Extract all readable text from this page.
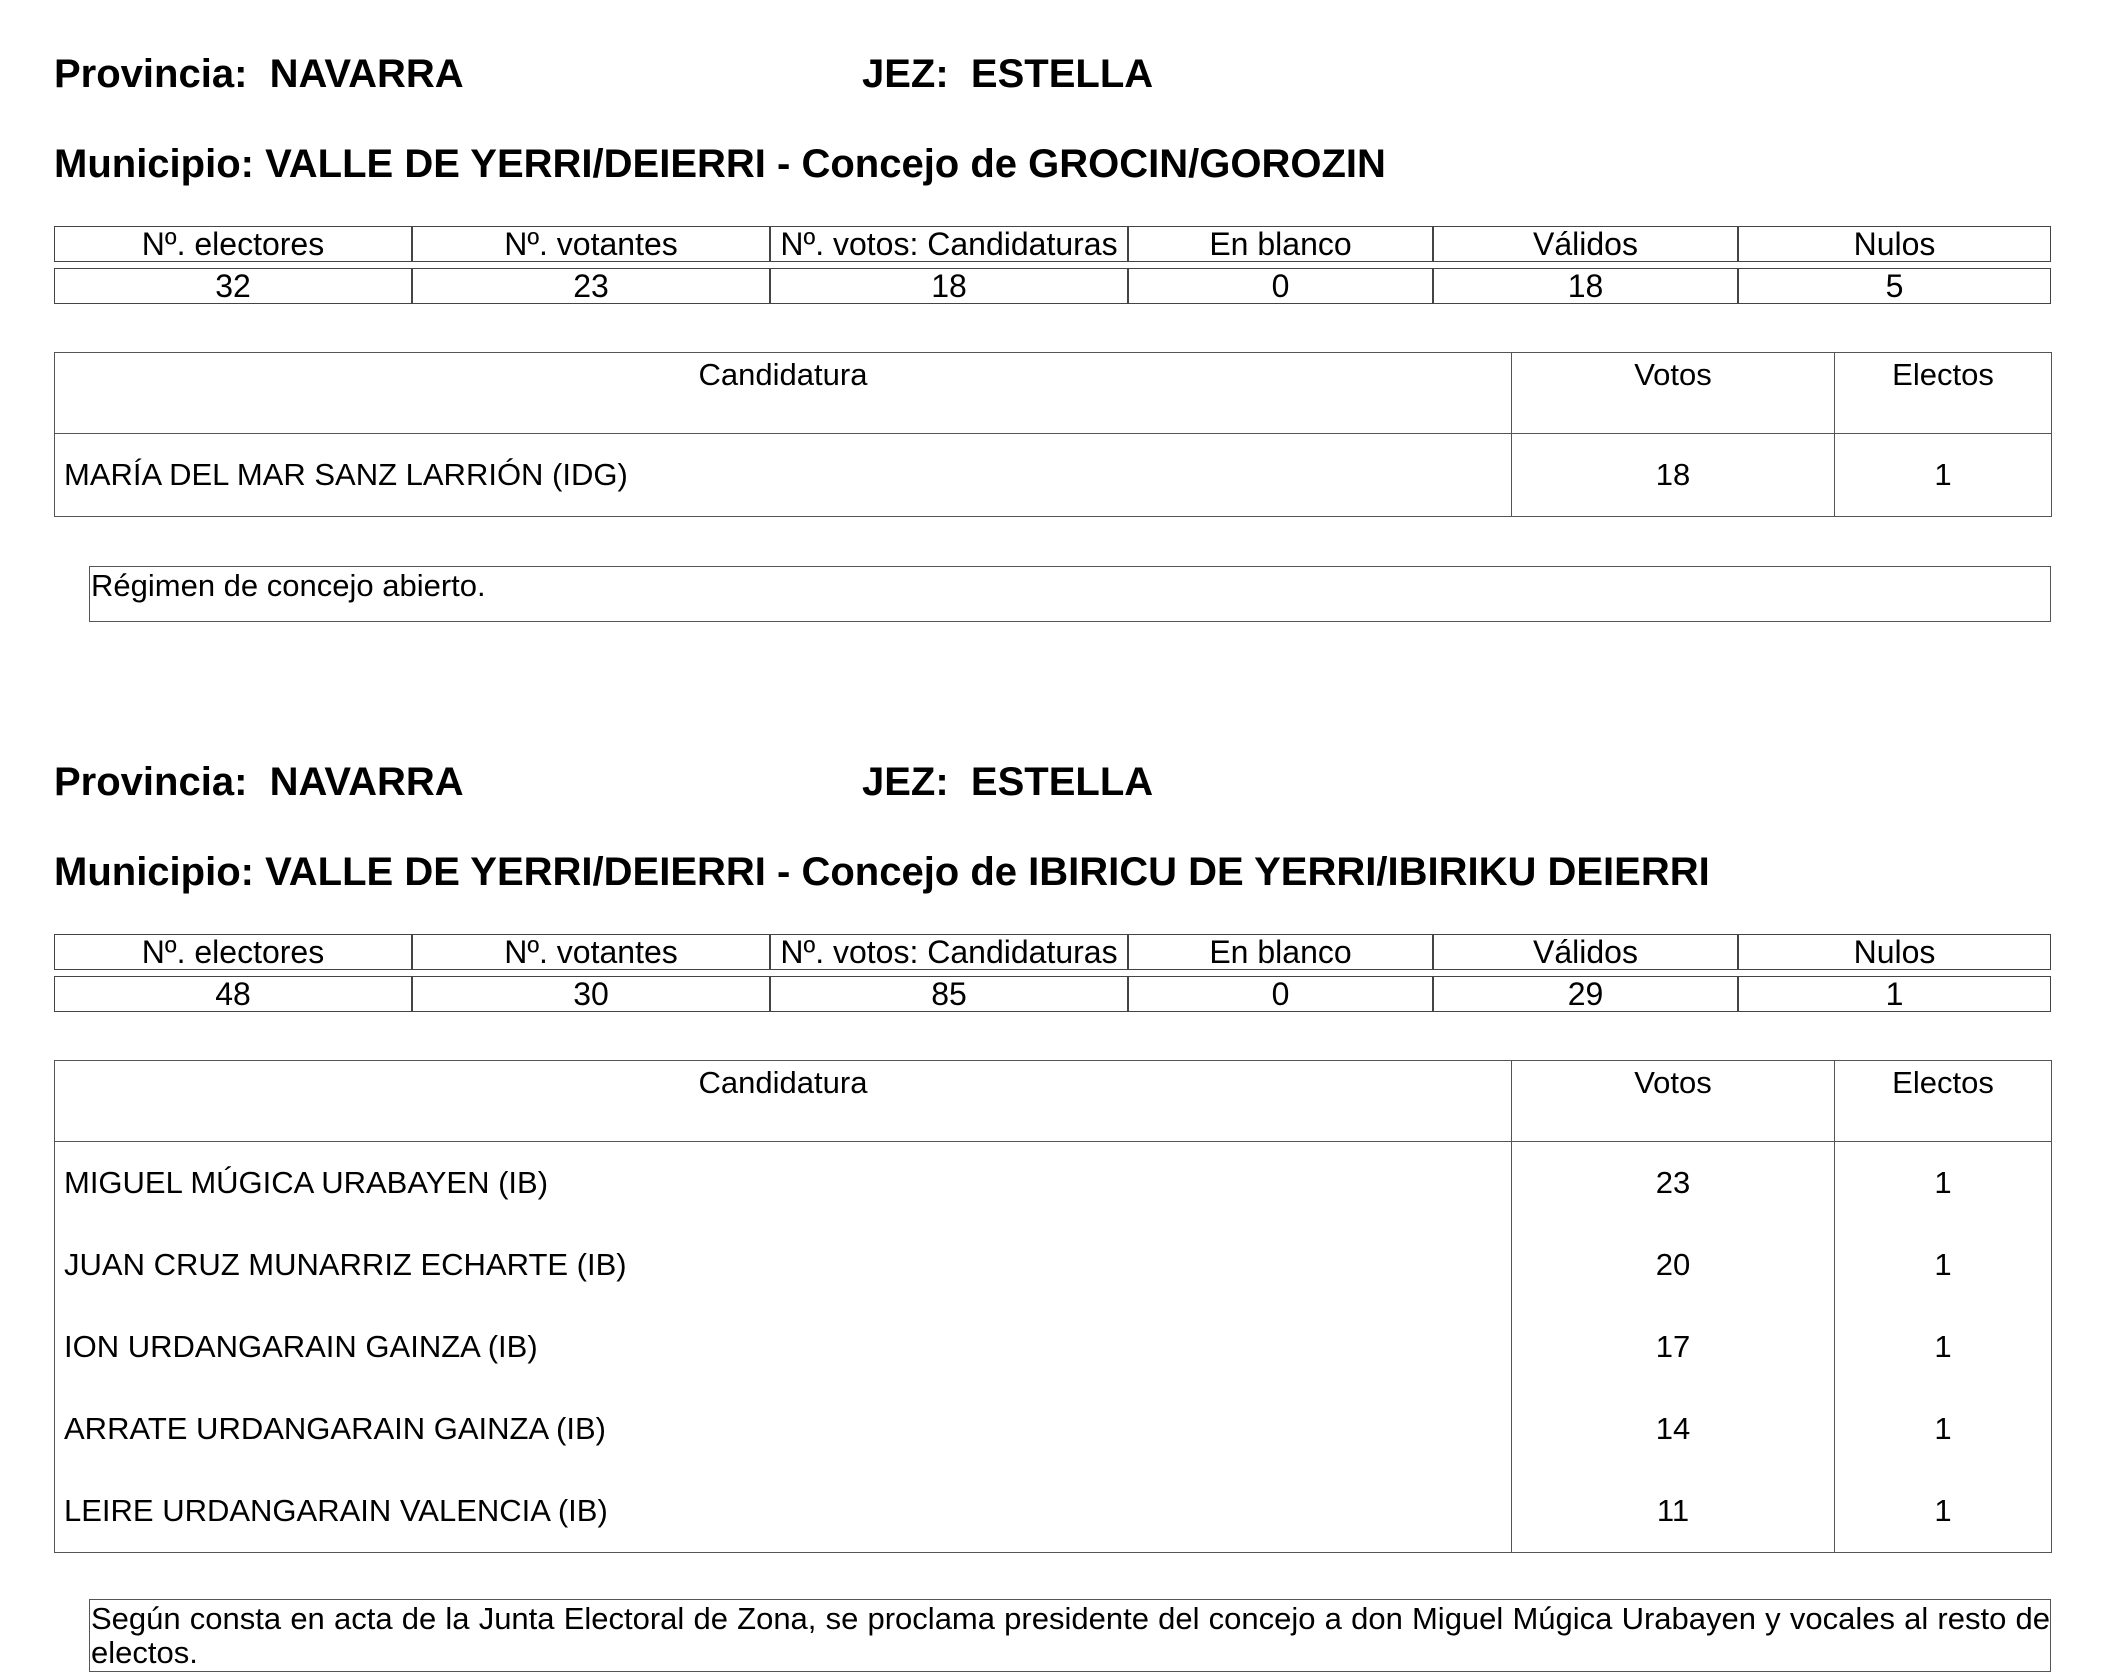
Provincia:  NAVARRA	JEZ:  ESTELLA
Municipio: VALLE DE YERRI/DEIERRI - Concejo de GROCIN/GOROZIN
Nº. electores	Nº. votantes	Nº. votos: Candidaturas	En blanco	Válidos	Nulos

32	23	18	0	18	5
Candidatura	Votos	Electos
MARÍA DEL MAR SANZ LARRIÓN (IDG)	18	1
Régimen de concejo abierto.
Provincia:  NAVARRA	JEZ:  ESTELLA
Municipio: VALLE DE YERRI/DEIERRI - Concejo de IBIRICU DE YERRI/IBIRIKU DEIERRI
Nº. electores	Nº. votantes	Nº. votos: Candidaturas	En blanco	Válidos	Nulos

48	30	85	0	29	1
Candidatura	Votos	Electos
MIGUEL MÚGICA URABAYEN (IB)	23	1
JUAN CRUZ MUNARRIZ ECHARTE (IB)	20	1
ION URDANGARAIN GAINZA (IB)	17	1
ARRATE URDANGARAIN GAINZA (IB)	14	1
LEIRE URDANGARAIN VALENCIA (IB)	11	1
Según consta en acta de la Junta Electoral de Zona, se proclama presidente del concejo a don Miguel Múgica Urabayen y vocales al resto de electos.
